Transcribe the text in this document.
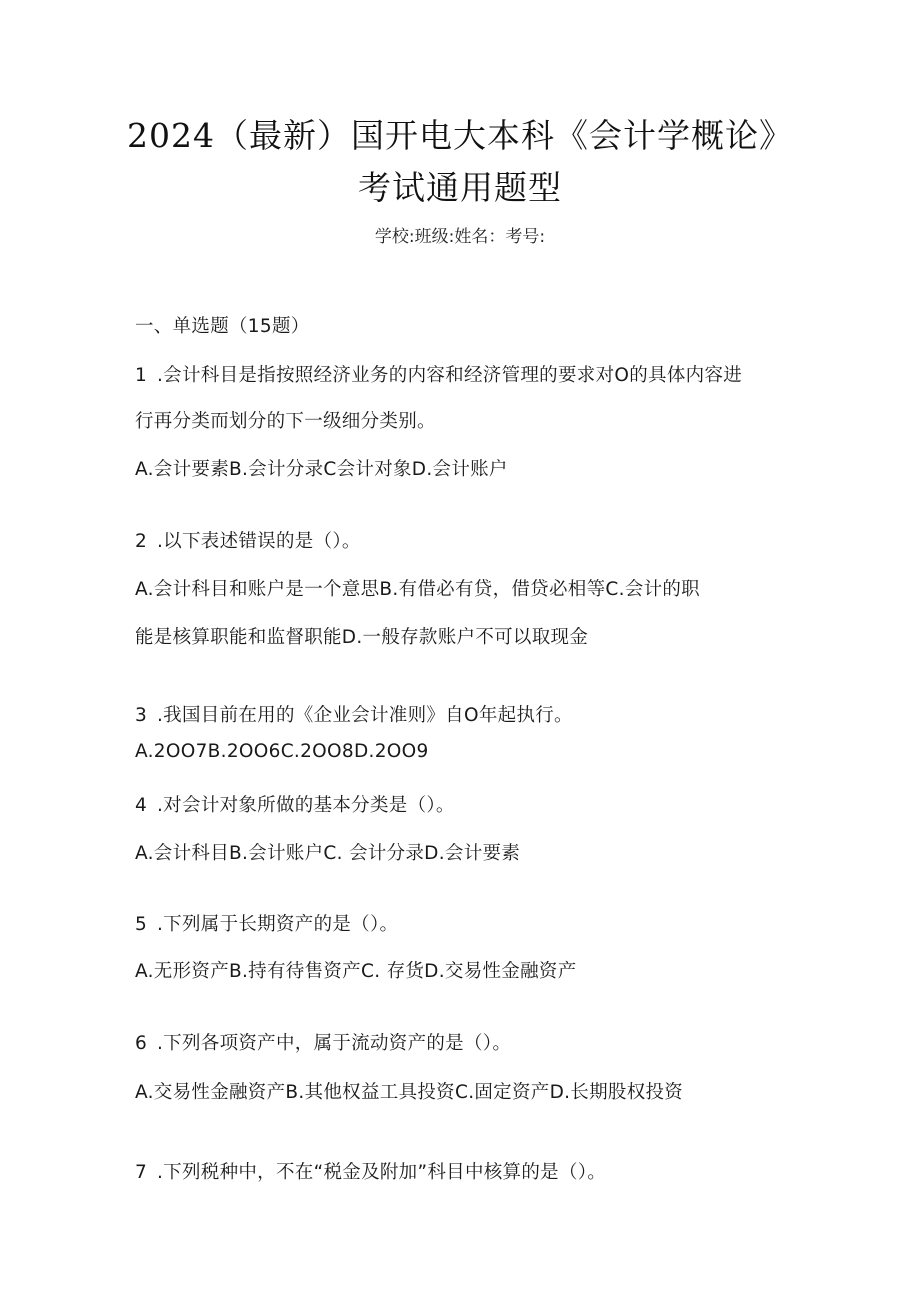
2024（最新）国开电大本科《会计学概论》
考试通用题型
学校:班级:姓名：考号:
一、单选题（15题）
1 .会计科目是指按照经济业务的内容和经济管理的要求对O的具体内容进
行再分类而划分的下一级细分类别。
A.会计要素B.会计分录C会计对象D.会计账户
2 .以下表述错误的是（）。
A.会计科目和账户是一个意思B.有借必有贷，借贷必相等C.会计的职
能是核算职能和监督职能D.一般存款账户不可以取现金
3 .我国目前在用的《企业会计准则》自O年起执行。
A.2OO7B.2OO6C.2OO8D.2OO9
4 .对会计对象所做的基本分类是（）。
A.会计科目B.会计账户C. 会计分录D.会计要素
5 .下列属于长期资产的是（）。
A.无形资产B.持有待售资产C. 存货D.交易性金融资产
6 .下列各项资产中，属于流动资产的是（）。
A.交易性金融资产B.其他权益工具投资C.固定资产D.长期股权投资
7 .下列税种中，不在“税金及附加”科目中核算的是（）。
